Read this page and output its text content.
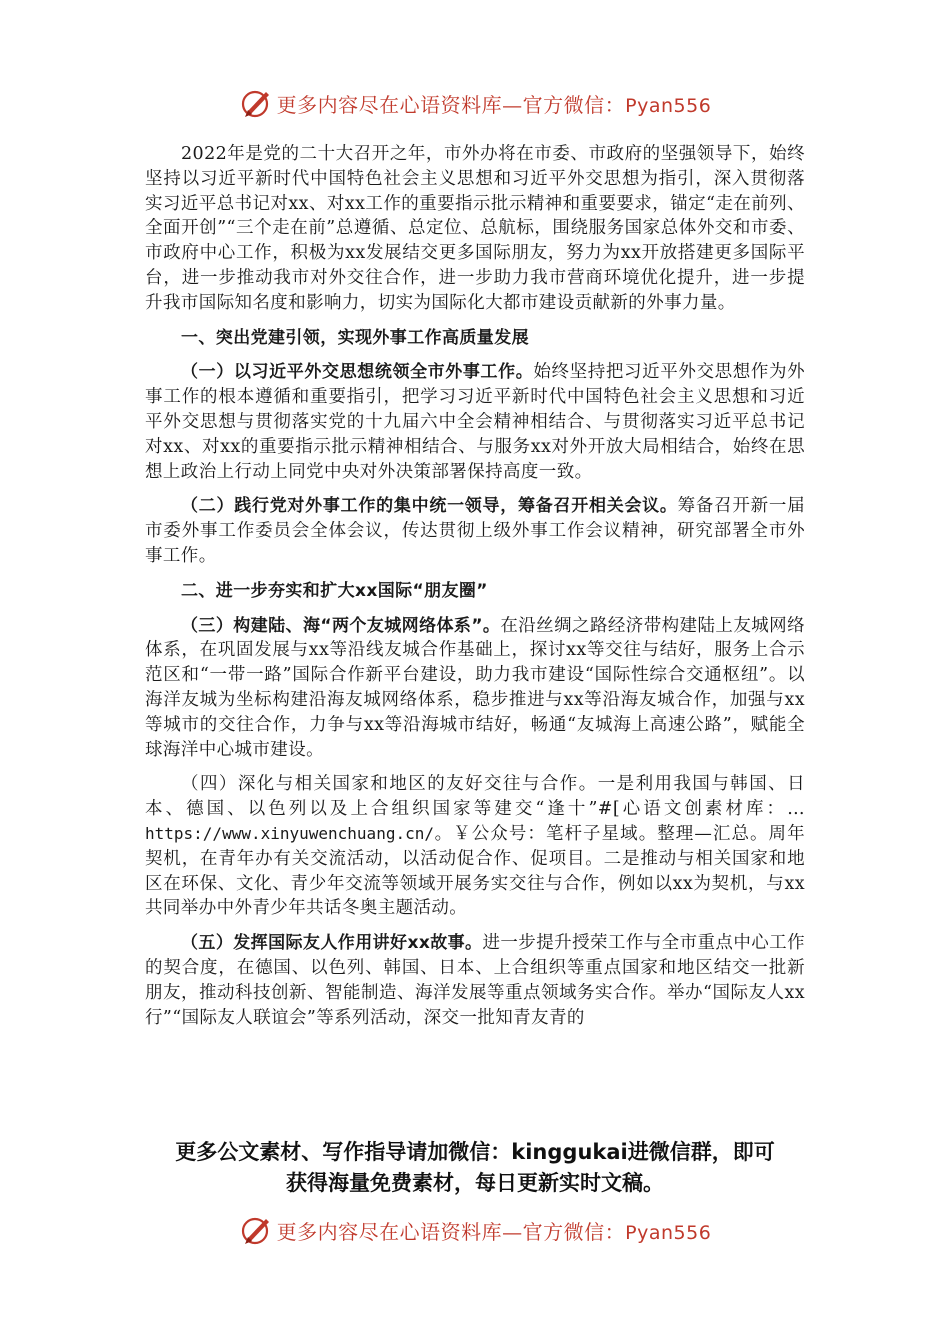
更多内容尽在心语资料库—官方微信：Pyan556

2022年是党的二十大召开之年，市外办将在市委、市政府的坚强领导下，始终坚持以习近平新时代中国特色社会主义思想和习近平外交思想为指引，深入贯彻落实习近平总书记对xx、对xx工作的重要指示批示精神和重要要求，锚定“走在前列、全面开创”“三个走在前”总遵循、总定位、总航标，围绕服务国家总体外交和市委、市政府中心工作，积极为xx发展结交更多国际朋友，努力为xx开放搭建更多国际平台，进一步推动我市对外交往合作，进一步助力我市营商环境优化提升，进一步提升我市国际知名度和影响力，切实为国际化大都市建设贡献新的外事力量。

一、突出党建引领，实现外事工作高质量发展

（一）以习近平外交思想统领全市外事工作。始终坚持把习近平外交思想作为外事工作的根本遵循和重要指引，把学习习近平新时代中国特色社会主义思想和习近平外交思想与贯彻落实党的十九届六中全会精神相结合、与贯彻落实习近平总书记对xx、对xx的重要指示批示精神相结合、与服务xx对外开放大局相结合，始终在思想上政治上行动上同党中央对外决策部署保持高度一致。

（二）践行党对外事工作的集中统一领导，筹备召开相关会议。筹备召开新一届市委外事工作委员会全体会议，传达贯彻上级外事工作会议精神，研究部署全市外事工作。

二、进一步夯实和扩大xx国际“朋友圈”

（三）构建陆、海“两个友城网络体系”。在沿丝绸之路经济带构建陆上友城网络体系，在巩固发展与xx等沿线友城合作基础上，探讨xx等交往与结好，服务上合示范区和“一带一路”国际合作新平台建设，助力我市建设“国际性综合交通枢纽”。以海洋友城为坐标构建沿海友城网络体系，稳步推进与xx等沿海友城合作，加强与xx等城市的交往合作，力争与xx等沿海城市结好，畅通“友城海上高速公路”，赋能全球海洋中心城市建设。

（四）深化与相关国家和地区的友好交往与合作。一是利用我国与韩国、日本、德国、以色列以及上合组织国家等建交“逢十”#[心语文创素材库：…https://www.xinyuwenchuang.cn/。￥公众号：笔杆子星域。整理—汇总。周年契机，在青年办有关交流活动，以活动促合作、促项目。二是推动与相关国家和地区在环保、文化、青少年交流等领域开展务实交往与合作，例如以xx为契机，与xx共同举办中外青少年共话冬奥主题活动。

（五）发挥国际友人作用讲好xx故事。进一步提升授荣工作与全市重点中心工作的契合度，在德国、以色列、韩国、日本、上合组织等重点国家和地区结交一批新朋友，推动科技创新、智能制造、海洋发展等重点领域务实合作。举办“国际友人xx行”“国际友人联谊会”等系列活动，深交一批知青友青的

更多公文素材、写作指导请加微信：kinggukai进微信群，即可
获得海量免费素材，每日更新实时文稿。
更多内容尽在心语资料库—官方微信：Pyan556
